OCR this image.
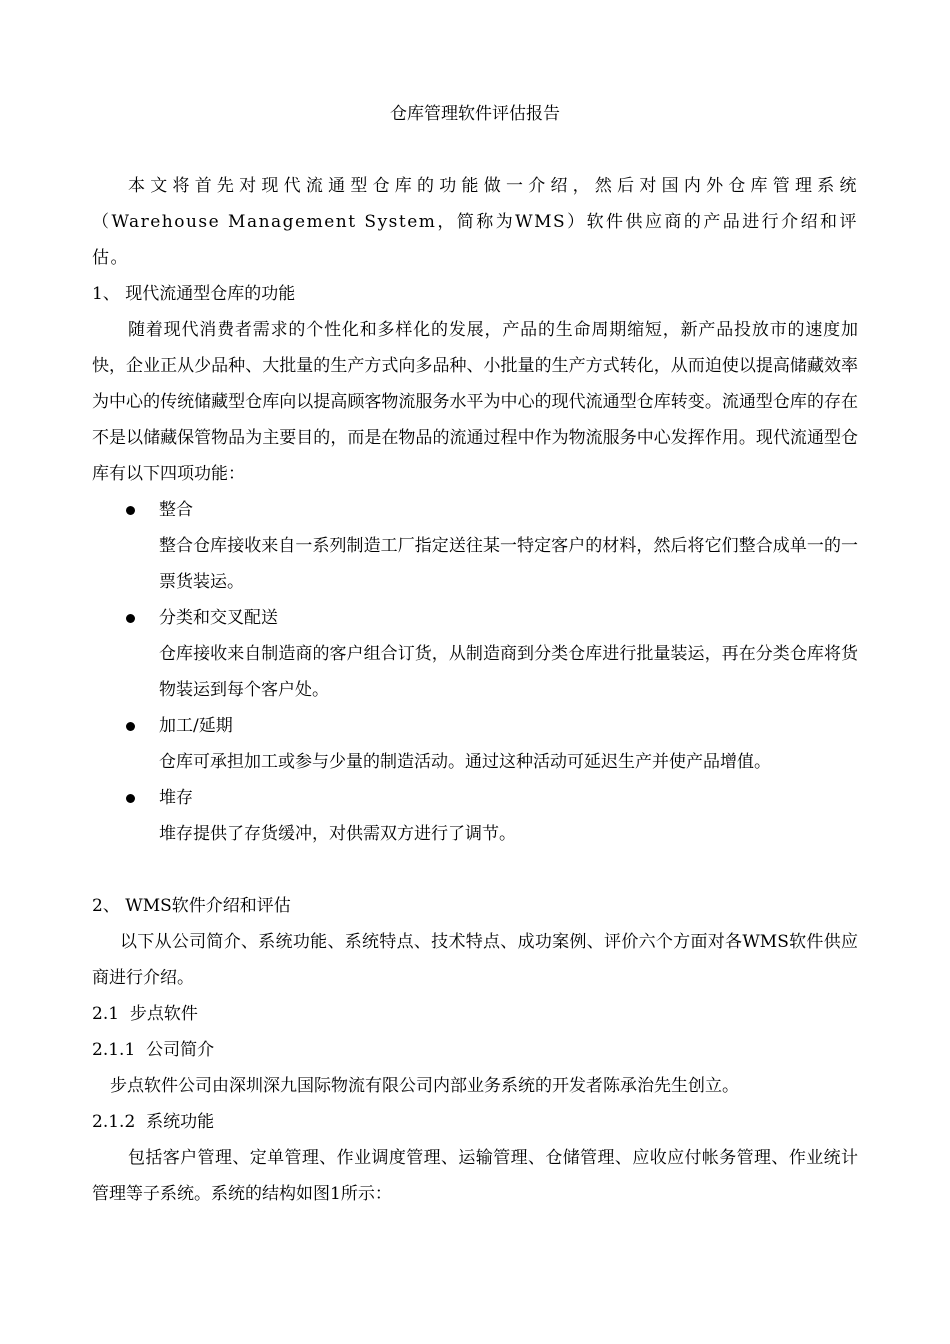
仓库管理软件评估报告

本文将首先对现代流通型仓库的功能做一介绍，然后对国内外仓库管理系统（Warehouse Management System，简称为WMS）软件供应商的产品进行介绍和评估。

1、 现代流通型仓库的功能

随着现代消费者需求的个性化和多样化的发展，产品的生命周期缩短，新产品投放市的速度加快，企业正从少品种、大批量的生产方式向多品种、小批量的生产方式转化，从而迫使以提高储藏效率为中心的传统储藏型仓库向以提高顾客物流服务水平为中心的现代流通型仓库转变。流通型仓库的存在不是以储藏保管物品为主要目的，而是在物品的流通过程中作为物流服务中心发挥作用。现代流通型仓库有以下四项功能：

整合

整合仓库接收来自一系列制造工厂指定送往某一特定客户的材料，然后将它们整合成单一的一票货装运。

分类和交叉配送

仓库接收来自制造商的客户组合订货，从制造商到分类仓库进行批量装运，再在分类仓库将货物装运到每个客户处。

加工/延期

仓库可承担加工或参与少量的制造活动。通过这种活动可延迟生产并使产品增值。

堆存

堆存提供了存货缓冲，对供需双方进行了调节。

2、 WMS软件介绍和评估

以下从公司简介、系统功能、系统特点、技术特点、成功案例、评价六个方面对各WMS软件供应商进行介绍。

2.1  步点软件

2.1.1  公司简介

步点软件公司由深圳深九国际物流有限公司内部业务系统的开发者陈承治先生创立。

2.1.2  系统功能

包括客户管理、定单管理、作业调度管理、运输管理、仓储管理、应收应付帐务管理、作业统计管理等子系统。系统的结构如图1所示：
